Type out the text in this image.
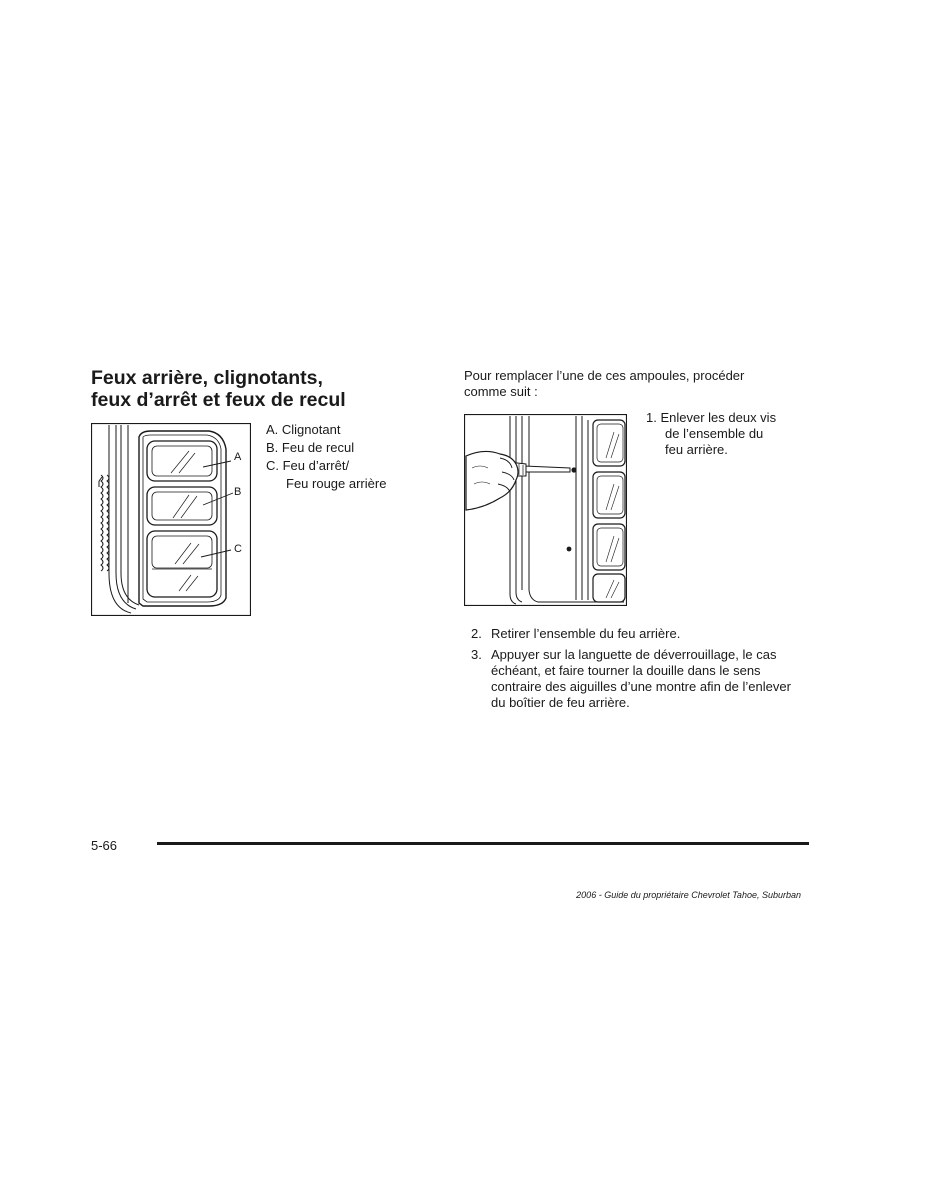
Feux arrière, clignotants,
feux d’arrêt et feux de recul
A
B
C
A. Clignotant
B. Feu de recul
C. Feu d’arrêt/
Feu rouge arrière
Pour remplacer l’une de ces ampoules, procéder
comme suit :
1. Enlever les deux vis
de l’ensemble du
feu arrière.
2. Retirer l’ensemble du feu arrière.
3. Appuyer sur la languette de déverrouillage, le cas
échéant, et faire tourner la douille dans le sens
contraire des aiguilles d’une montre afin de l’enlever
du boîtier de feu arrière.
5-66
2006 - Guide du propriétaire Chevrolet Tahoe, Suburban
